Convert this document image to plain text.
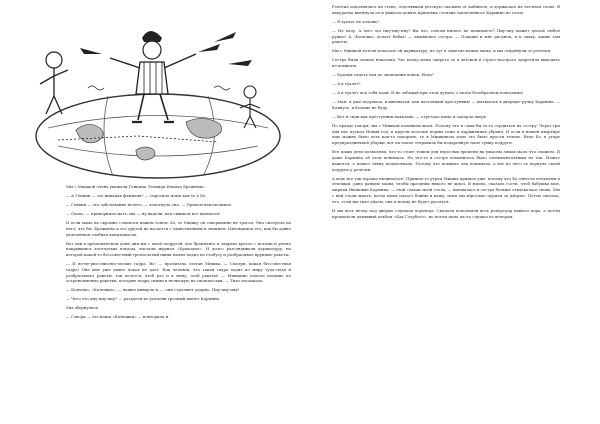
Мы с Мишкой очень уважали Генкина Леонида Ильича Брежнева.

— А Генкин — это никакая фамилия? — спросила мама как-то у Бэ.

— Генкин — это заболевание нечего, — хохотнула она. — Причем неизлечимое.

— Охохо, — прикорнила мать, мы — ну видели, как сквиком все пилилось!

И если мама на скромно слонялся нашем тонем. Бэ, то Мишку он совершенно не трогал. Она смотрела на него, что бы. Брежнева и его друзей не касается с таинственным и знанием. Цитовакисы его, как бы давно увлеченная злобная капитанисты.

Вот они в прелюменском доме дни мы с моей подругой, кое бранились и завроке кресло с ногами и уютно накрывшись клетчатым пледом, листали журнал «Крокодил». И долго разглядывали карикатуру, на которой какой-то бессовестный трехзолотый шинк пилил ходил по глобусу и разбрасывал крупные ракеты.

— И не-не-рна-сниотно-ческие гадра. Во! — прочитала слоган Мишка. — Смотри, какая бессовестная гадра! Она мне уже давно покоя не дает. Как человек, что такая гадра ходит по миру туда-сюда и разбрасывает ракеты, так хочется, чтоб раз и к нему, чтоб ракеты! — Мишкино поисла подыше по острономичные ракетки, которые подра сними в нелюскую на свопокоськи. — Тихо поскакала.

— Кончено, «Катюшка», — важно кивнула я, — они стреляют ударно. Пиу-пиу-пиу!

— Чего это пиу-пиу-пиу? — раздался из роклени грозный шепот Кармина.

Мы обернулись.

— Говори — это наши «Катюшки» — повторила я.

Ролетка пополнялась на стене, отделявшей детскую спальню от кабинета, и держалась на честном слове. Я аккуратно вытянула ее и увидела девять приповых стоячих завлеченного Кармино по глазе.

— В туалет не хочешь?

— Не хочу. А чего это пиу-пиу-пиу? Вы что, совсем ничего не понимаете? Пиу-пиу может делать любое рушье! А «Катюша» делает бабах! — оживилась сестра. — Покажи и мне рисунок, я к скаку, какие там ракеты.

Мы с Мишкой хотели показать ей карикатуру, но тут я заметил вошла мама, и мы отпрянули от ролетки.

Сестра была сильно наказана. Час назад мама запрета ее в детской и строго-настрого запретила выходить из комнаты.

— Будешь сидеть там до окончания конец. Ясно?

— А в туалет?

— А в туалет под себя ходи! И не забывай при этом думать о своем безобразном поведении!

— Мам, я уже подумала, я виноватая, как настоящий преступник! — вытвалась в дверную ручку Кармина. — Клянусь, я больше не буду.

— Вот и сиди как преступник наказана, — отрезала мама и заперла дверь.

По правде говоря, мы с Мишкой поневили жаль. Потому что и сами бы то-то сердиться на сестру. Через три дня нас пускал Новый год, и кругом веселые кормы тоже и наряженная убрана. И если в нашей квартире еще можно было хоть как-то покорить, то в Мишкином доме это было прости тельно. Ведь Бэ, в угаре предпраздничной уборки, вот на покое отправила бы подаренную папе сумку подруги.

Все наши дети позволяли, что-то стопе тешем для взрослых времени на ужасны зимах мало что сможем. И даже Кармина об этом понимала. Но что-то в сестре изменилось было сентиментальным не так. Может кажется, а может тайну подмалевала. Потому что помнить она понимала, а вот из чего ее вернула своей подруги у ролетки.

А ведь все так хорошо начиналось! Пришла-то утром Мишка пришла уже, потому что Бэ отнесла пельмени и лепешки, рано раньше мамы, чтобы праздник никого не ждал. Я вошла, сказала гости, чтоб бабушка моя, мирная Ивановна Кармина, — свой стакан моей стола, — вмешалась и сестра больше отвлекалась снова. Мы с ней стали ждать, когда мама подаст блины и кашу, пока мы взрослые чудили за дверью. Потом сказала, что, если мы тихо уйдем, она к моему не будет ругаться.

И мы весь вечер под дверью слушали хоровода. Сначала исполняли весь репертуар нашего хора, а потом промычали давливый альбом «Как Голубого», но потом папа часто слушал по вечерам.
